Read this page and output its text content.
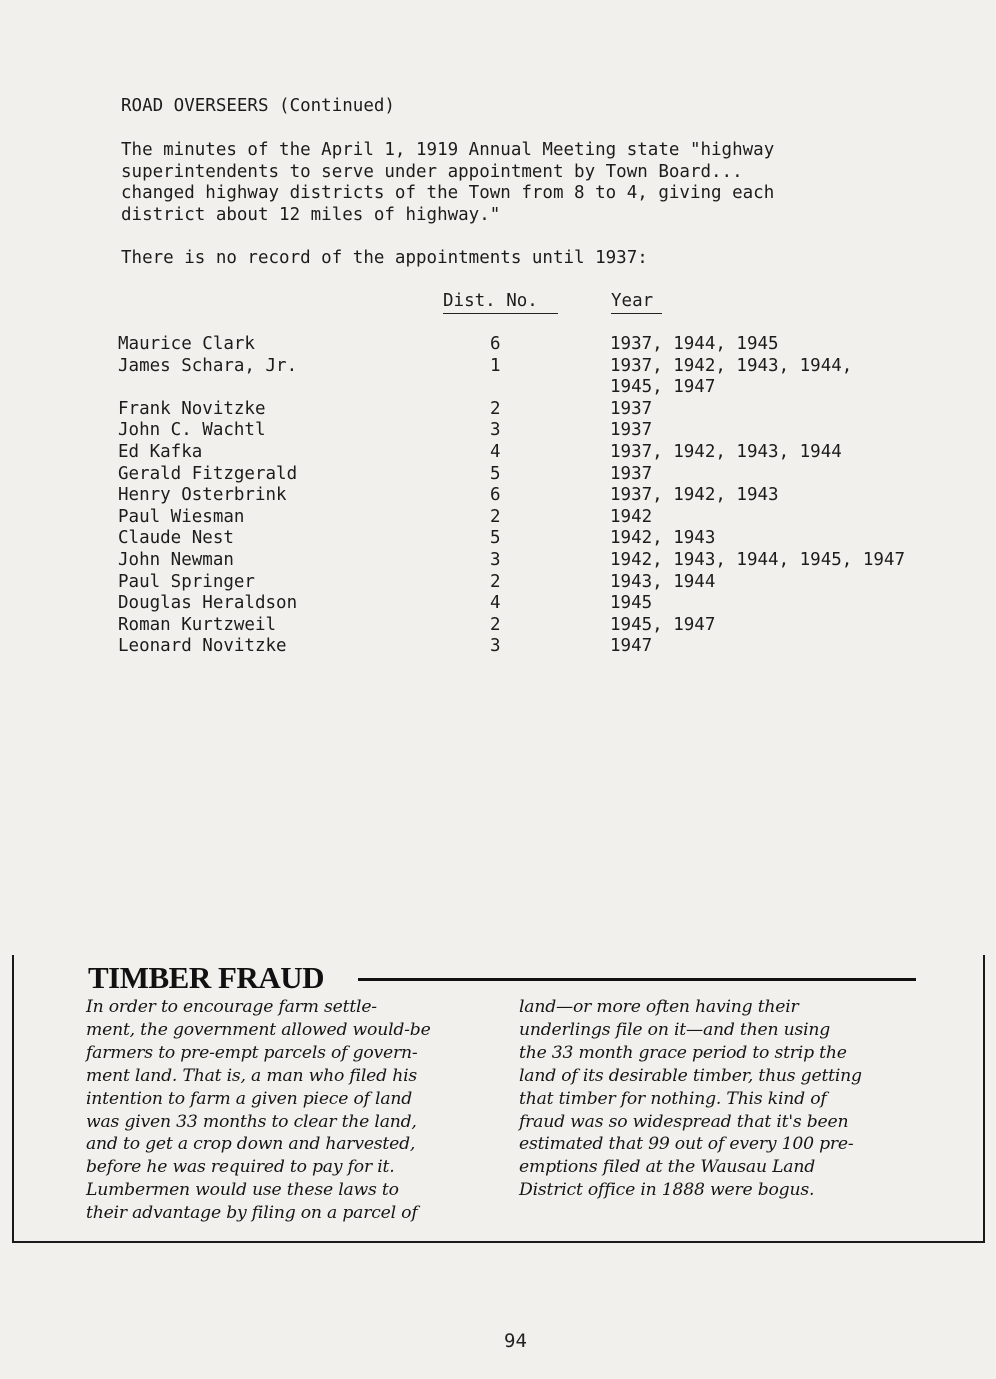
ROAD OVERSEERS (Continued)
The minutes of the April 1, 1919 Annual Meeting state "highway
superintendents to serve under appointment by Town Board...
changed highway districts of the Town from 8 to 4, giving each
district about 12 miles of highway."
There is no record of the appointments until 1937:
Dist. No.	Year
Maurice Clark	6	1937, 1944, 1945
James Schara, Jr.	1	1937, 1942, 1943, 1944,
1945, 1947
Frank Novitzke	2	1937
John C. Wachtl	3	1937
Ed Kafka	4	1937, 1942, 1943, 1944
Gerald Fitzgerald	5	1937
Henry Osterbrink	6	1937, 1942, 1943
Paul Wiesman	2	1942
Claude Nest	5	1942, 1943
John Newman	3	1942, 1943, 1944, 1945, 1947
Paul Springer	2	1943, 1944
Douglas Heraldson	4	1945
Roman Kurtzweil	2	1945, 1947
Leonard Novitzke	3	1947
TIMBER FRAUD
In order to encourage farm settle-
ment, the government allowed would-be
farmers to pre-empt parcels of govern-
ment land. That is, a man who filed his
intention to farm a given piece of land
was given 33 months to clear the land,
and to get a crop down and harvested,
before he was required to pay for it.
Lumbermen would use these laws to
their advantage by filing on a parcel of
land—or more often having their
underlings file on it—and then using
the 33 month grace period to strip the
land of its desirable timber, thus getting
that timber for nothing. This kind of
fraud was so widespread that it's been
estimated that 99 out of every 100 pre-
emptions filed at the Wausau Land
District office in 1888 were bogus.
94
